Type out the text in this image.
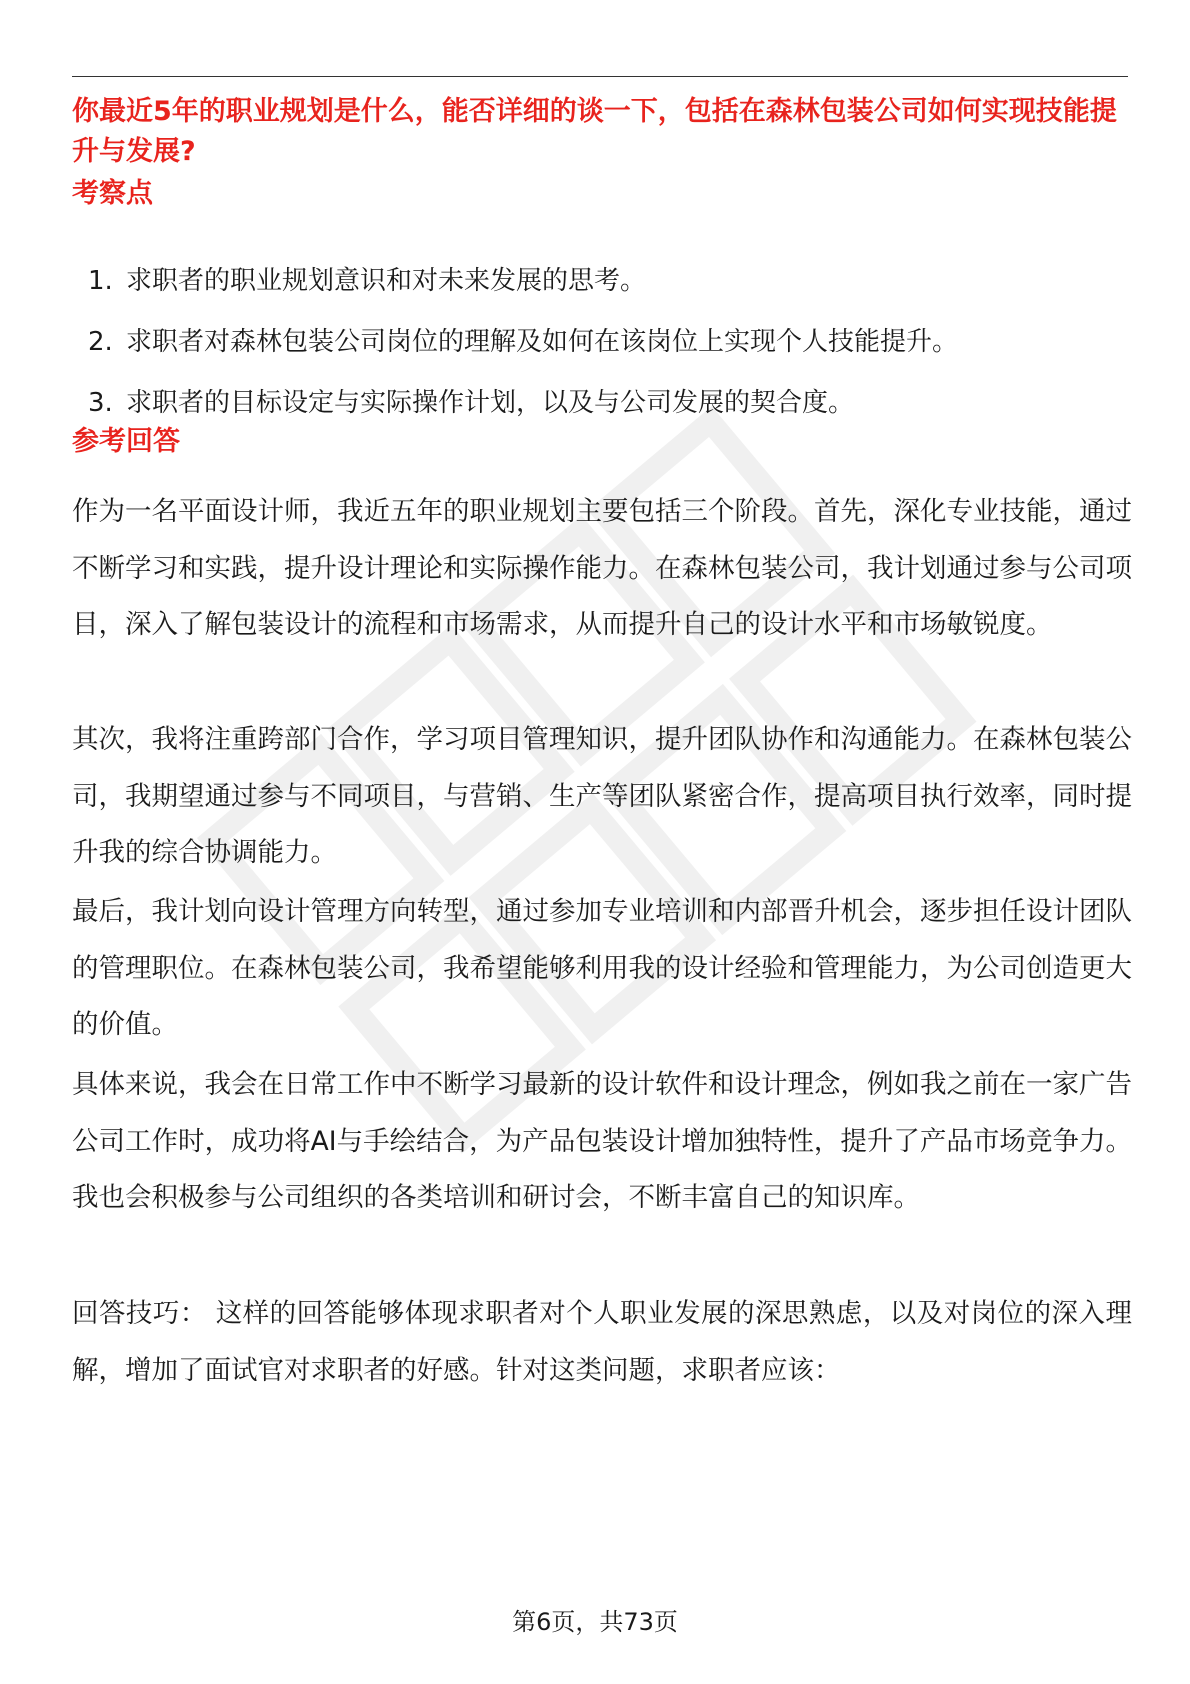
你最近5年的职业规划是什么，能否详细的谈一下，包括在森林包装公司如何实现技能提升与发展?
考察点
1. 求职者的职业规划意识和对未来发展的思考。
2. 求职者对森林包装公司岗位的理解及如何在该岗位上实现个人技能提升。
3. 求职者的目标设定与实际操作计划，以及与公司发展的契合度。
参考回答

作为一名平面设计师，我近五年的职业规划主要包括三个阶段。首先，深化专业技能，通过不断学习和实践，提升设计理论和实际操作能力。在森林包装公司，我计划通过参与公司项目，深入了解包装设计的流程和市场需求，从而提升自己的设计水平和市场敏锐度。

其次，我将注重跨部门合作，学习项目管理知识，提升团队协作和沟通能力。在森林包装公司，我期望通过参与不同项目，与营销、生产等团队紧密合作，提高项目执行效率，同时提升我的综合协调能力。

最后，我计划向设计管理方向转型，通过参加专业培训和内部晋升机会，逐步担任设计团队的管理职位。在森林包装公司，我希望能够利用我的设计经验和管理能力，为公司创造更大的价值。

具体来说，我会在日常工作中不断学习最新的设计软件和设计理念，例如我之前在一家广告公司工作时，成功将AI与手绘结合，为产品包装设计增加独特性，提升了产品市场竞争力。我也会积极参与公司组织的各类培训和研讨会，不断丰富自己的知识库。

回答技巧： 这样的回答能够体现求职者对个人职业发展的深思熟虑，以及对岗位的深入理解，增加了面试官对求职者的好感。针对这类问题，求职者应该：

第6页，共73页
